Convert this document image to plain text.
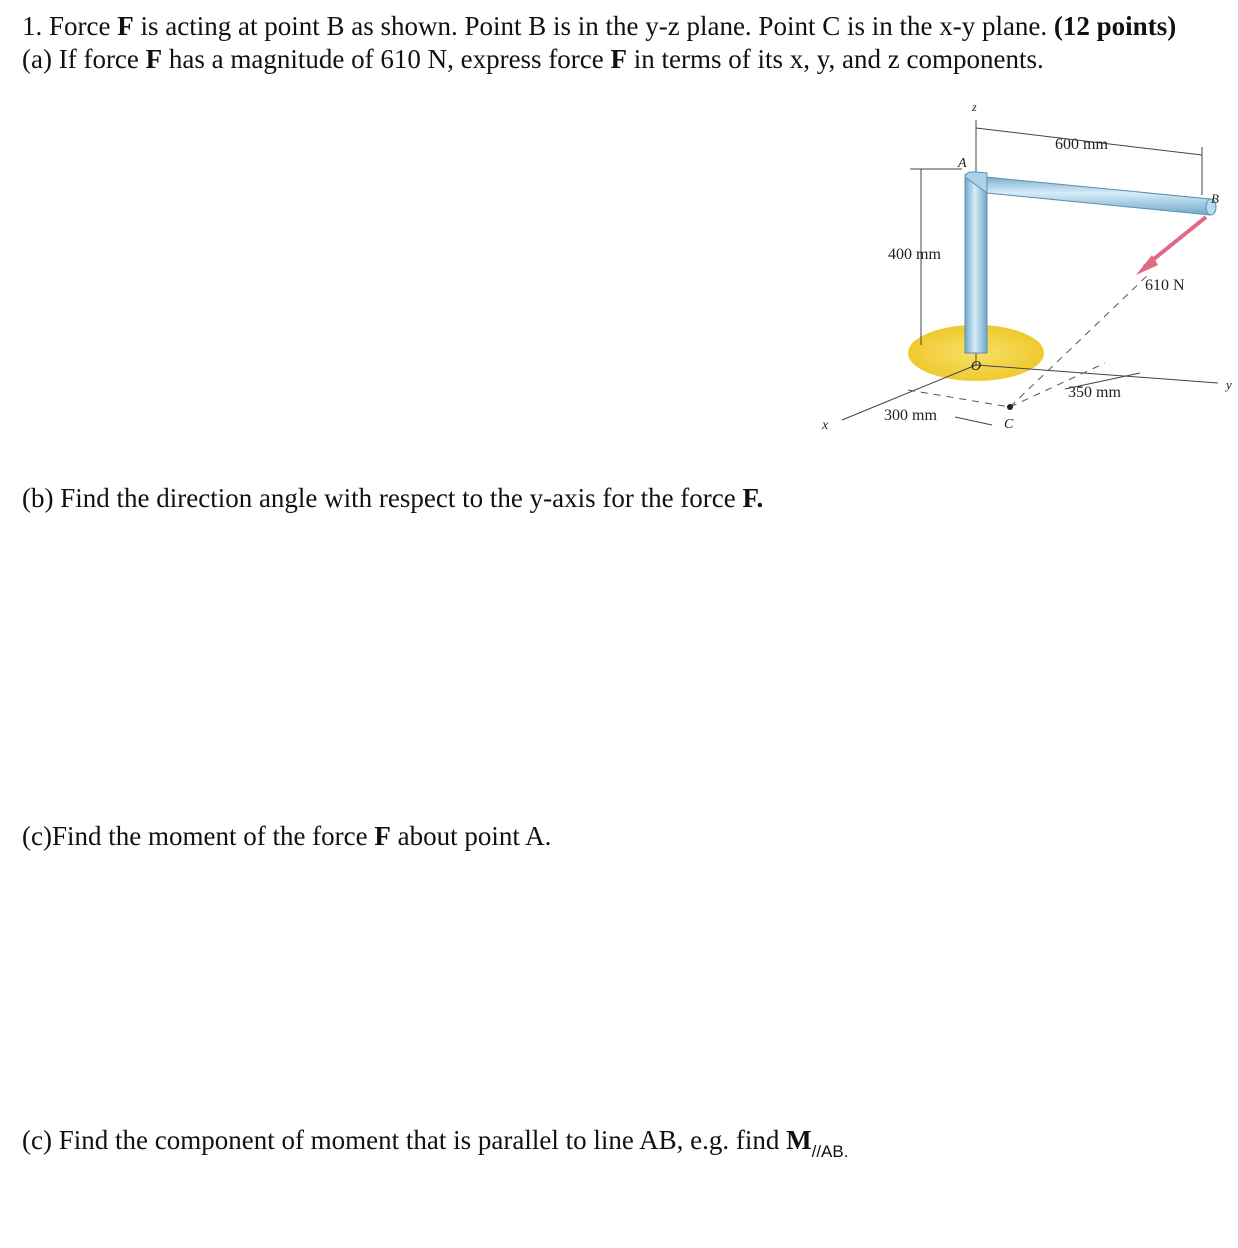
1. Force F is acting at point B as shown. Point B is in the y-z plane. Point C is in the x-y plane. (12 points)
(a) If force F has a magnitude of 610 N, express force F in terms of its x, y, and z components.
600 mm
400 mm
350 mm
300 mm
610 N
A
B
C
O
x
y
z
(b) Find the direction angle with respect to the y-axis for the force F.
(c)Find the moment of the force F about point A.
(c) Find the component of moment that is parallel to line AB, e.g. find $M_{//AB.}$
